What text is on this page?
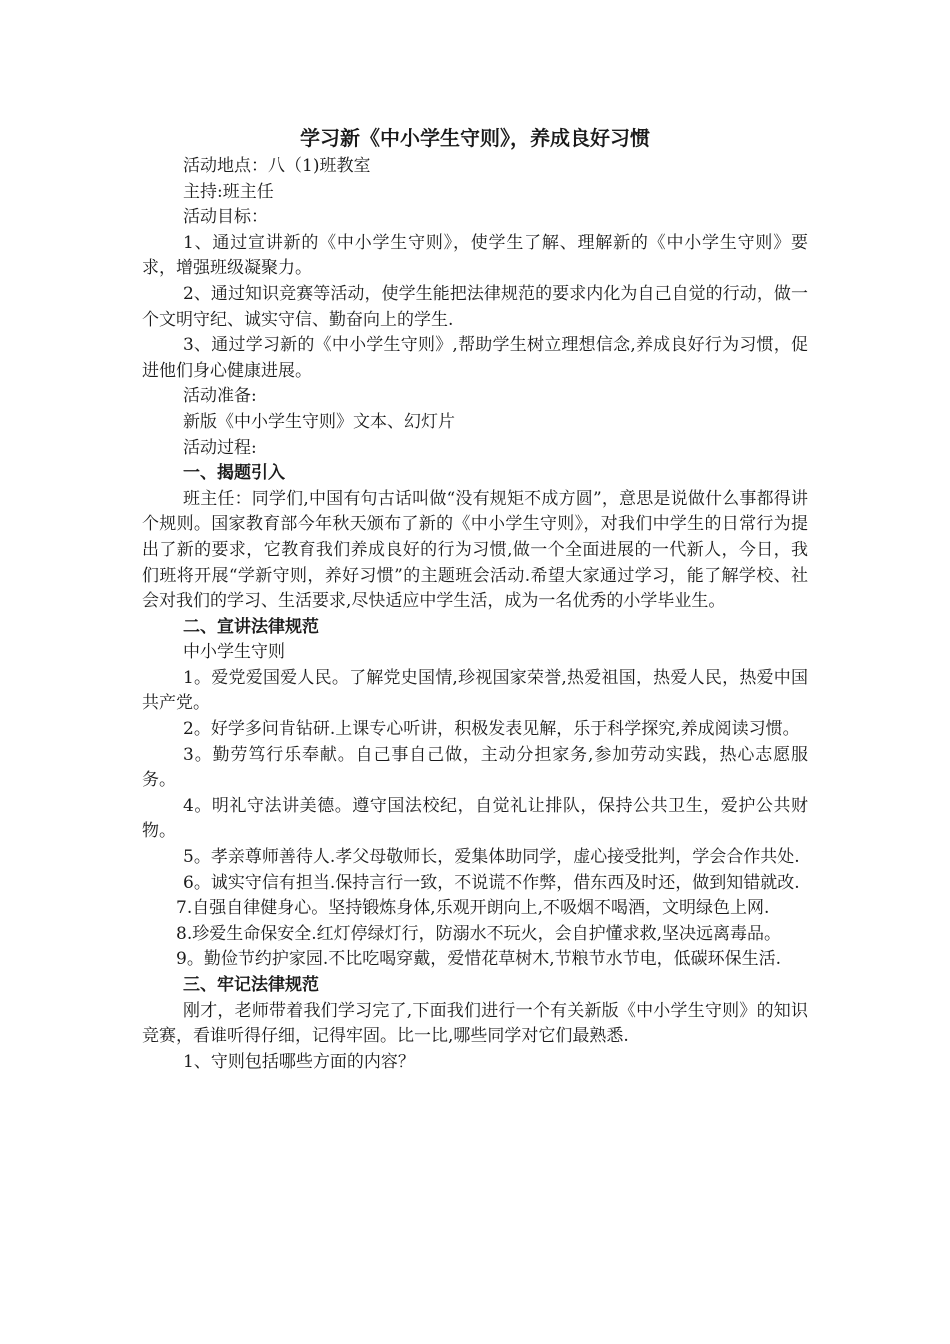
学习新《中小学生守则》，养成良好习惯

活动地点：八（1)班教室

主持:班主任

活动目标：

1、通过宣讲新的《中小学生守则》，使学生了解、理解新的《中小学生守则》要求，增强班级凝聚力。

2、通过知识竞赛等活动，使学生能把法律规范的要求内化为自己自觉的行动，做一个文明守纪、诚实守信、勤奋向上的学生.

3、通过学习新的《中小学生守则》,帮助学生树立理想信念,养成良好行为习惯，促进他们身心健康进展。

活动准备:

新版《中小学生守则》文本、幻灯片

活动过程:

一、揭题引入

班主任：同学们,中国有句古话叫做“没有规矩不成方圆”，意思是说做什么事都得讲个规则。国家教育部今年秋天颁布了新的《中小学生守则》，对我们中学生的日常行为提出了新的要求，它教育我们养成良好的行为习惯,做一个全面进展的一代新人，今日，我们班将开展“学新守则，养好习惯”的主题班会活动.希望大家通过学习，能了解学校、社会对我们的学习、生活要求,尽快适应中学生活，成为一名优秀的小学毕业生。

二、宣讲法律规范

中小学生守则

1。爱党爱国爱人民。了解党史国情,珍视国家荣誉,热爱祖国，热爱人民，热爱中国共产党。

2。好学多问肯钻研.上课专心听讲，积极发表见解，乐于科学探究,养成阅读习惯。

3。勤劳笃行乐奉献。自己事自己做，主动分担家务,参加劳动实践，热心志愿服务。

4。明礼守法讲美德。遵守国法校纪，自觉礼让排队，保持公共卫生，爱护公共财物。

5。孝亲尊师善待人.孝父母敬师长，爱集体助同学，虚心接受批判，学会合作共处.

6。诚实守信有担当.保持言行一致，不说谎不作弊，借东西及时还，做到知错就改.

7.自强自律健身心。坚持锻炼身体,乐观开朗向上,不吸烟不喝酒，文明绿色上网.

8.珍爱生命保安全.红灯停绿灯行，防溺水不玩火，会自护懂求救,坚决远离毒品。

9。勤俭节约护家园.不比吃喝穿戴，爱惜花草树木,节粮节水节电，低碳环保生活.

三、牢记法律规范

刚才，老师带着我们学习完了,下面我们进行一个有关新版《中小学生守则》的知识竞赛，看谁听得仔细，记得牢固。比一比,哪些同学对它们最熟悉.

1、守则包括哪些方面的内容？
